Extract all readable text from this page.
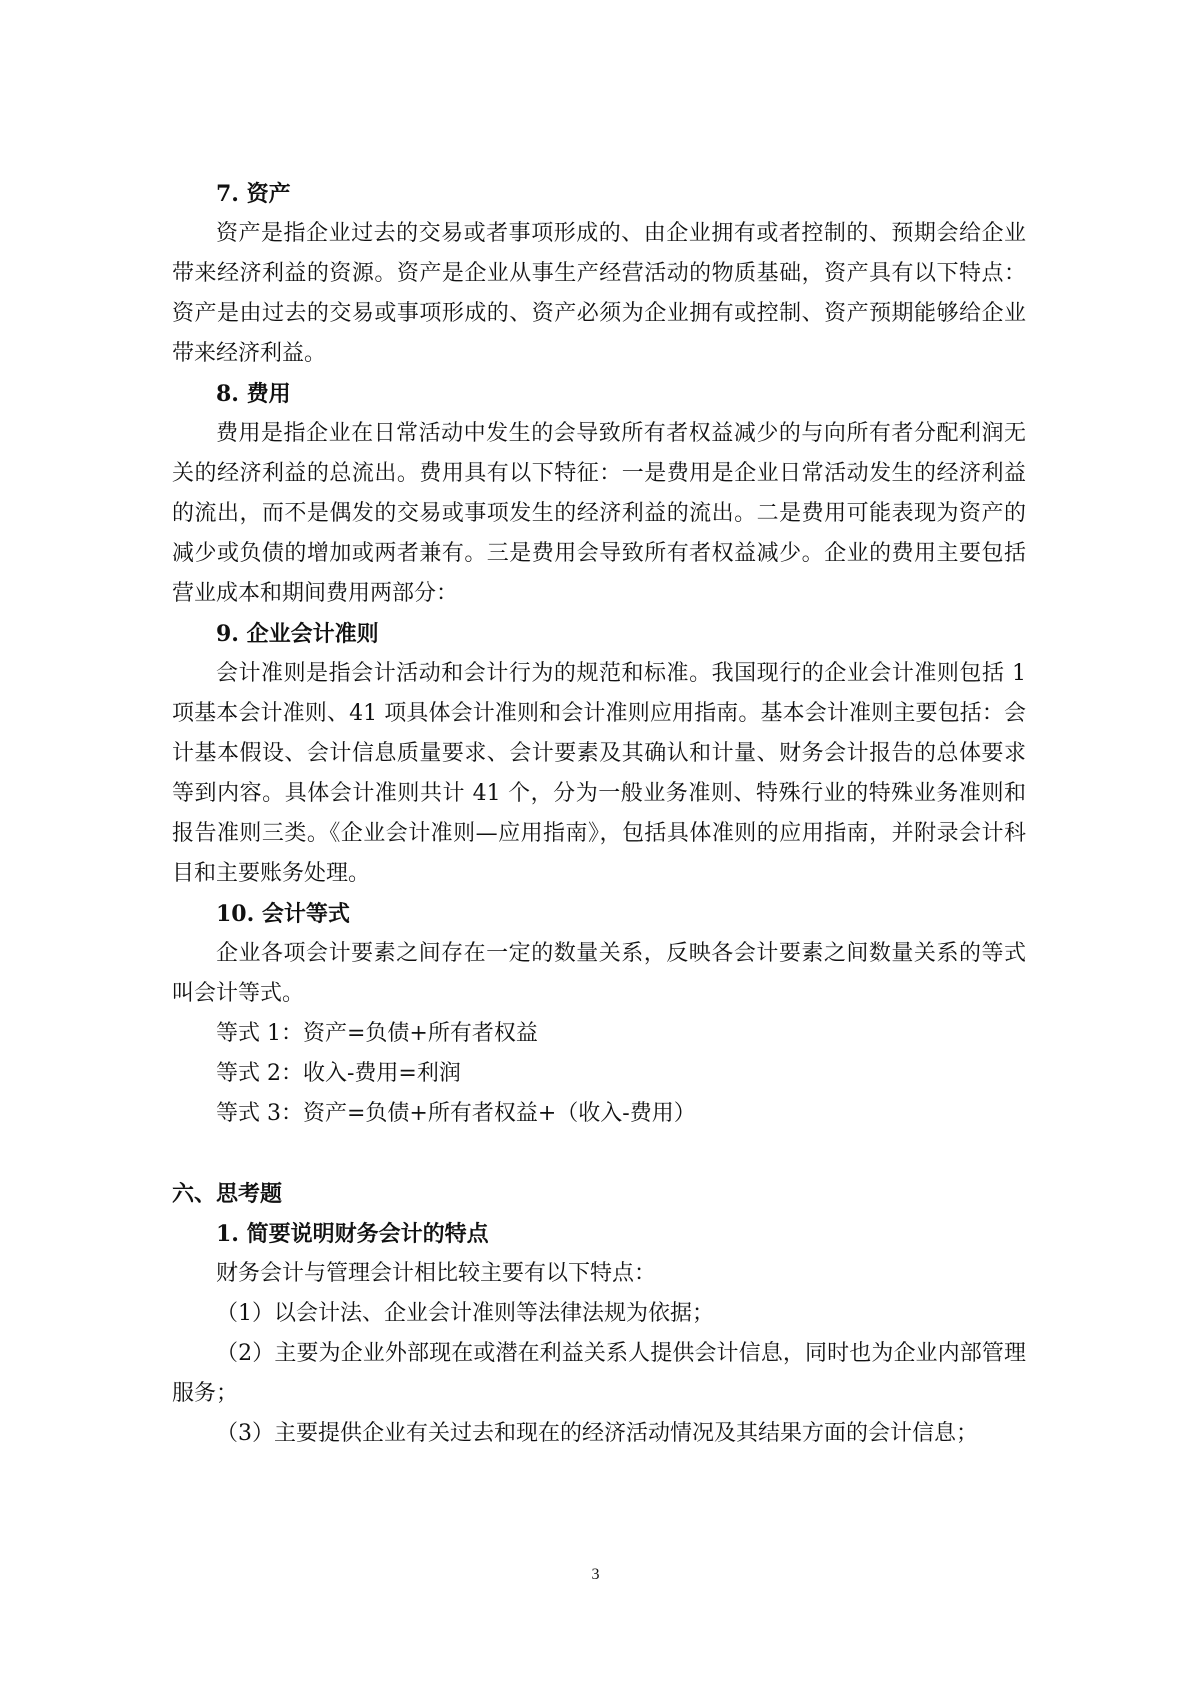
7. 资产

资产是指企业过去的交易或者事项形成的、由企业拥有或者控制的、预期会给企业带来经济利益的资源。资产是企业从事生产经营活动的物质基础，资产具有以下特点：资产是由过去的交易或事项形成的、资产必须为企业拥有或控制、资产预期能够给企业带来经济利益。

8. 费用

费用是指企业在日常活动中发生的会导致所有者权益减少的与向所有者分配利润无关的经济利益的总流出。费用具有以下特征：一是费用是企业日常活动发生的经济利益的流出，而不是偶发的交易或事项发生的经济利益的流出。二是费用可能表现为资产的减少或负债的增加或两者兼有。三是费用会导致所有者权益减少。企业的费用主要包括营业成本和期间费用两部分：

9. 企业会计准则

会计准则是指会计活动和会计行为的规范和标准。我国现行的企业会计准则包括 1 项基本会计准则、41 项具体会计准则和会计准则应用指南。基本会计准则主要包括：会计基本假设、会计信息质量要求、会计要素及其确认和计量、财务会计报告的总体要求等到内容。具体会计准则共计 41 个，分为一般业务准则、特殊行业的特殊业务准则和报告准则三类。《企业会计准则—应用指南》，包括具体准则的应用指南，并附录会计科目和主要账务处理。

10. 会计等式

企业各项会计要素之间存在一定的数量关系，反映各会计要素之间数量关系的等式叫会计等式。

等式 1：资产=负债+所有者权益

等式 2：收入-费用=利润

等式 3：资产=负债+所有者权益+（收入-费用）

六、思考题

1. 简要说明财务会计的特点

财务会计与管理会计相比较主要有以下特点：

（1）以会计法、企业会计准则等法律法规为依据；

（2）主要为企业外部现在或潜在利益关系人提供会计信息，同时也为企业内部管理服务；

（3）主要提供企业有关过去和现在的经济活动情况及其结果方面的会计信息；

3
